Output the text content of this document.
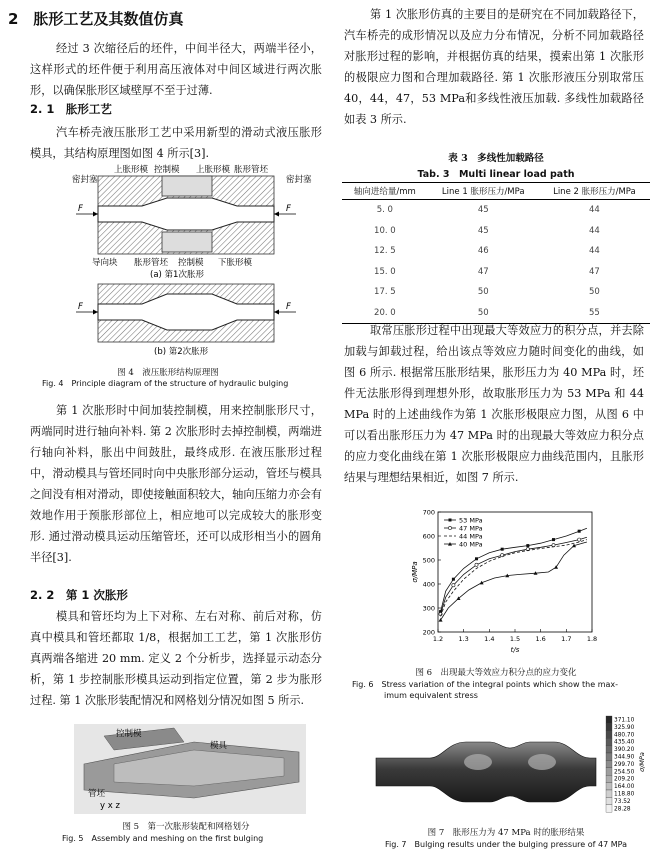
2　胀形工艺及其数值仿真

经过 3 次缩径后的坯件，中间半径大，两端半径小，这样形式的坯件便于利用高压液体对中间区域进行两次胀形，以确保胀形区域壁厚不至于过薄.

2. 1　胀形工艺

汽车桥壳液压胀形工艺中采用新型的滑动式液压胀形模具，其结构原理图如图 4 所示[3].

上胀形模 控制模 上胀形模 胀形管坯
密封塞	密封塞
F	F
导向块 胀形管坯 控制模 下胀形模
(a) 第1次胀形
F	F
(b) 第2次胀形
图 4　液压胀形结构原理图
Fig. 4　Principle diagram of the structure of hydraulic bulging

第 1 次胀形时中间加装控制模，用来控制胀形尺寸，两端同时进行轴向补料. 第 2 次胀形时去掉控制模，两端进行轴向补料，胀出中间鼓肚，最终成形. 在液压胀形过程中，滑动模具与管坯同时向中央胀形部分运动，管坯与模具之间没有相对滑动，即使接触面积较大，轴向压缩力亦会有效地作用于预胀形部位上，相应地可以完成较大的胀形变形. 通过滑动模具运动压缩管坯，还可以成形相当小的圆角半径[3].

2. 2　第 1 次胀形

模具和管坯均为上下对称、左右对称、前后对称，仿真中模具和管坯都取 1/8，根据加工工艺，第 1 次胀形仿真两端各缩进 20 mm. 定义 2 个分析步，选择显示动态分析，第 1 步控制胀形模具运动到指定位置，第 2 步为胀形过程. 第 1 次胀形装配情况和网格划分情况如图 5 所示.

控制模
模具
管坯
y x z
图 5　第一次胀形装配和网格划分
Fig. 5　Assembly and meshing on the first bulging

第 1 次胀形仿真的主要目的是研究在不同加载路径下，汽车桥壳的成形情况以及应力分布情况，分析不同加载路径对胀形过程的影响，并根据仿真的结果，摸索出第 1 次胀形的极限应力图和合理加载路径. 第 1 次胀形液压分别取常压 40，44，47，53 MPa和多线性液压加载. 多线性加载路径如表 3 所示.

表 3　多线性加载路径
Tab. 3　Multi linear load path
轴向进给量/mm	Line 1 胀形压力/MPa	Line 2 胀形压力/MPa
5. 0	45	44
10. 0	45	44
12. 5	46	44
15. 0	47	47
17. 5	50	50
20. 0	50	55

取常压胀形过程中出现最大等效应力的积分点，并去除加载与卸载过程，给出该点等效应力随时间变化的曲线，如图 6 所示. 根据常压胀形结果，胀形压力为 40 MPa 时，坯件无法胀形得到理想外形，故取胀形压力为 53 MPa 和 44 MPa 时的上述曲线作为第 1 次胀形极限应力图，从图 6 中可以看出胀形压力为 47 MPa 时的出现最大等效应力积分点的应力变化曲线在第 1 次胀形极限应力曲线范围内，且胀形结果与理想结果相近，如图 7 所示.

200
300
400
500
600
700
1.2 1.3 1.4 1.5 1.6 1.7 1.8
t/s
σ/MPa
53 MPa
47 MPa
44 MPa
40 MPa
图 6　出现最大等效应力积分点的应力变化
Fig. 6　Stress variation of the integral points which show the max-
imum equivalent stress
371.10
325.90
480.70
435.40
390.20
344.90
299.70
254.50
209.20
164.00
118.80
73.52
28.28
σ/MPa
图 7　胀形压力为 47 MPa 时的胀形结果
Fig. 7　Bulging results under the bulging pressure of 47 MPa
